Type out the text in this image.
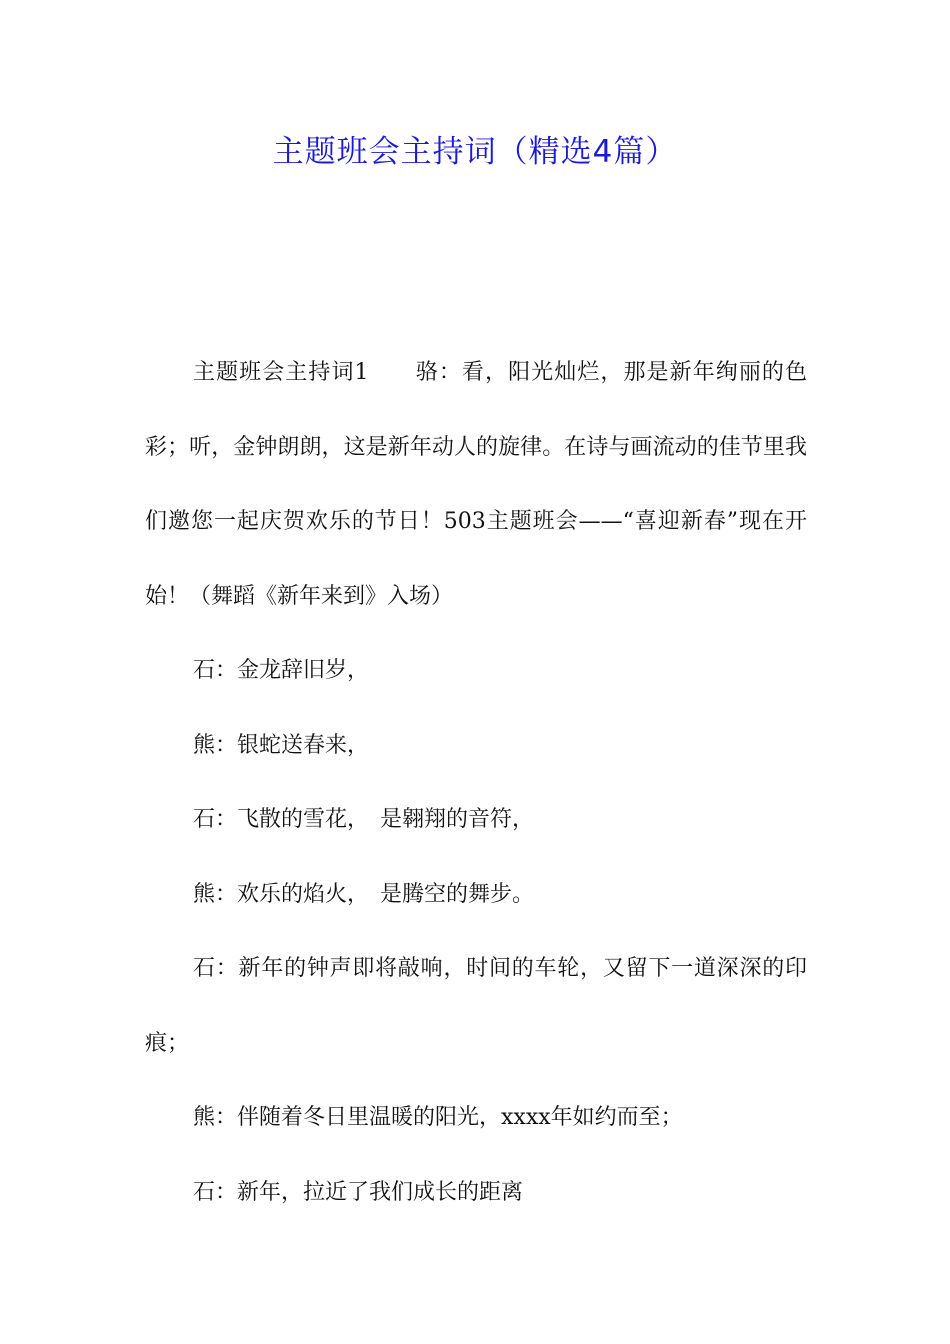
主题班会主持词（精选4篇）

主题班会主持词1　　骆：看，阳光灿烂，那是新年绚丽的色彩；听，金钟朗朗，这是新年动人的旋律。在诗与画流动的佳节里我们邀您一起庆贺欢乐的节日！503主题班会——“喜迎新春”现在开始！（舞蹈《新年来到》入场）

石：金龙辞旧岁，

熊：银蛇送春来，

石：飞散的雪花，　是翱翔的音符，

熊：欢乐的焰火，　是腾空的舞步。

石：新年的钟声即将敲响，时间的车轮，又留下一道深深的印痕；

熊：伴随着冬日里温暖的阳光，xxxx年如约而至；

石：新年，拉近了我们成长的距离
